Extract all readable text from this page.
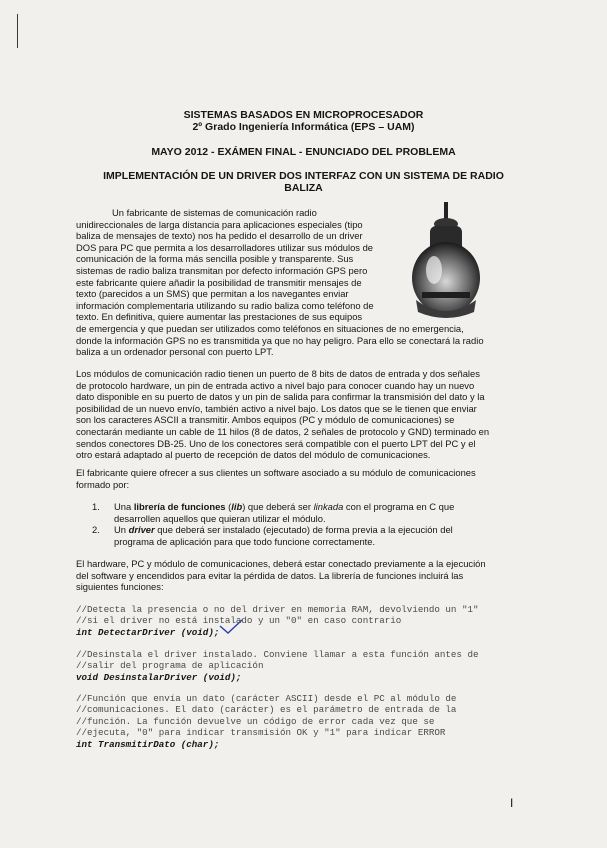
SISTEMAS BASADOS EN MICROPROCESADOR
2º Grado Ingeniería Informática (EPS – UAM)
MAYO 2012 - EXÁMEN FINAL - ENUNCIADO DEL PROBLEMA
IMPLEMENTACIÓN DE UN DRIVER DOS INTERFAZ CON UN SISTEMA DE RADIO
BALIZA
Un fabricante de sistemas de comunicación radio
unidireccionales de larga distancia para aplicaciones especiales (tipo
baliza de mensajes de texto) nos ha pedido el desarrollo de un driver
DOS para PC que permita a los desarrolladores utilizar sus módulos de
comunicación de la forma más sencilla posible y transparente. Sus
sistemas de radio baliza transmitan por defecto información GPS pero
este fabricante quiere añadir la posibilidad de transmitir mensajes de
texto (parecidos a un SMS) que permitan a los navegantes enviar
información complementaria utilizando su radio baliza como teléfono de
texto. En definitiva, quiere aumentar las prestaciones de sus equipos
de emergencia y que puedan ser utilizados como teléfonos en situaciones de no emergencia,
donde la información GPS no es transmitida ya que no hay peligro. Para ello se conectará la radio
baliza a un ordenador personal con puerto LPT.
Los módulos de comunicación radio tienen un puerto de 8 bits de datos de entrada y dos señales
de protocolo hardware, un pin de entrada activo a nivel bajo para conocer cuando hay un nuevo
dato disponible en su puerto de datos y un pin de salida para confirmar la transmisión del dato y la
posibilidad de un nuevo envío, también activo a nivel bajo. Los datos que se le tienen que enviar
son los caracteres ASCII a transmitir. Ambos equipos (PC y módulo de comunicaciones) se
conectarán mediante un cable de 11 hilos (8 de datos, 2 señales de protocolo y GND) terminado en
sendos conectores DB-25. Uno de los conectores será compatible con el puerto LPT del PC y el
otro estará adaptado al puerto de recepción de datos del módulo de comunicaciones.
El fabricante quiere ofrecer a sus clientes un software asociado a su módulo de comunicaciones
formado por:
1. Una librería de funciones (lib) que deberá ser linkada con el programa en C que
desarrollen aquellos que quieran utilizar el módulo.
2. Un driver que deberá ser instalado (ejecutado) de forma previa a la ejecución del
programa de aplicación para que todo funcione correctamente.
El hardware, PC y módulo de comunicaciones, deberá estar conectado previamente a la ejecución
del software y encendidos para evitar la pérdida de datos. La librería de funciones incluirá las
siguientes funciones:
//Detecta la presencia o no del driver en memoria RAM, devolviendo un "1"
//si el driver no está instalado y un "0" en caso contrario
int DetectarDriver (void);
//Desinstala el driver instalado. Conviene llamar a esta función antes de
//salir del programa de aplicación
void DesinstalarDriver (void);
//Función que envía un dato (carácter ASCII) desde el PC al módulo de
//comunicaciones. El dato (carácter) es el parámetro de entrada de la
//función. La función devuelve un código de error cada vez que se
//ejecuta, "0" para indicar transmisión OK y "1" para indicar ERROR
int TransmitirDato (char);
I
